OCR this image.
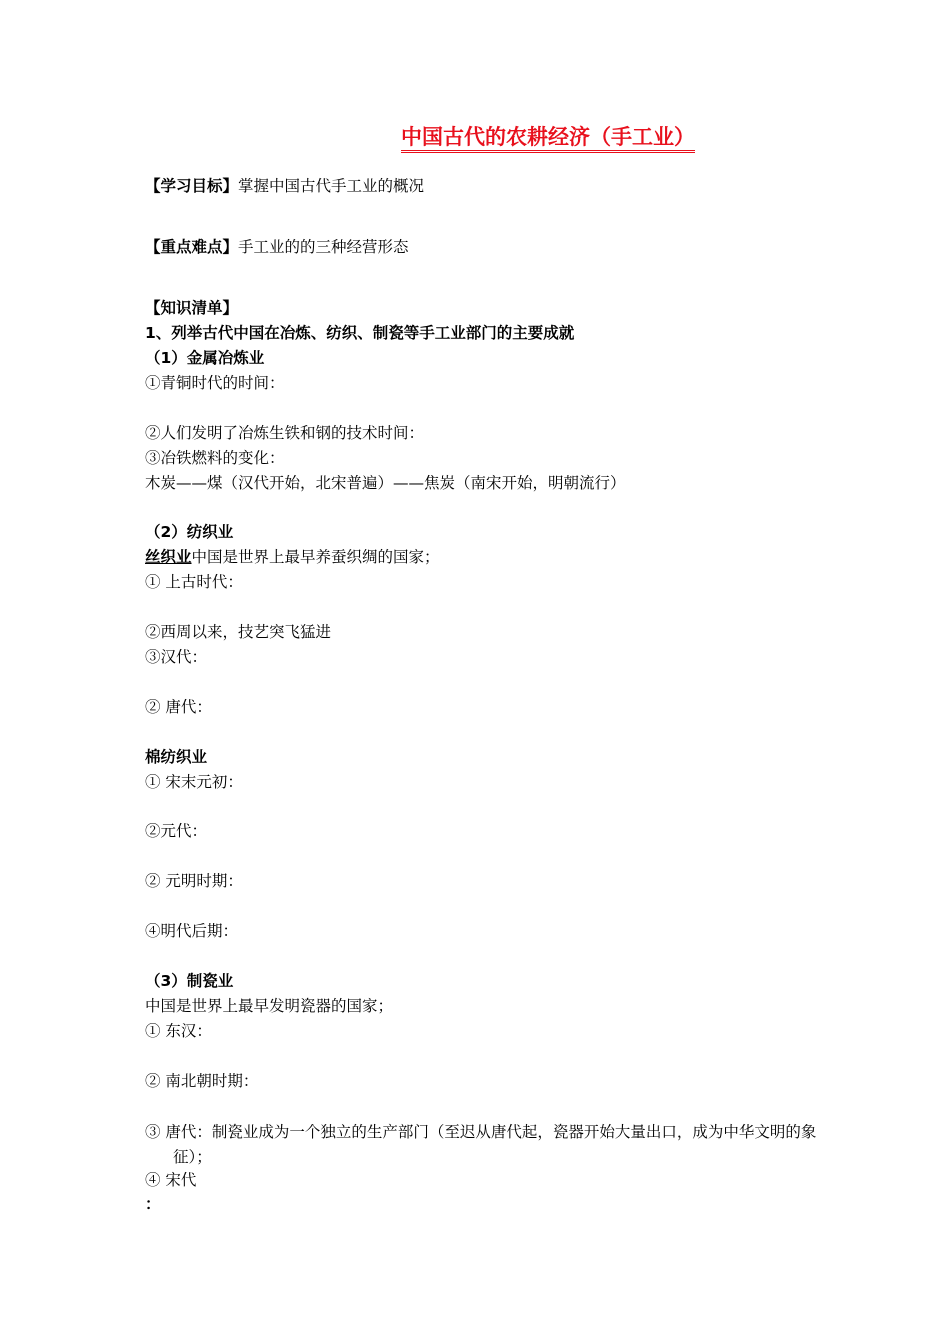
中国古代的农耕经济（手工业）
【学习目标】掌握中国古代手工业的概况
【重点难点】手工业的的三种经营形态
【知识清单】
1、列举古代中国在冶炼、纺织、制瓷等手工业部门的主要成就
（1）金属冶炼业
①青铜时代的时间：
②人们发明了冶炼生铁和钢的技术时间：
③冶铁燃料的变化：
木炭——煤（汉代开始，北宋普遍）——焦炭（南宋开始，明朝流行）
（2）纺织业
丝织业中国是世界上最早养蚕织绸的国家；
① 上古时代：
②西周以来，技艺突飞猛进
③汉代：
② 唐代：
棉纺织业
① 宋末元初：
②元代：
② 元明时期：
④明代后期：
（3）制瓷业
中国是世界上最早发明瓷器的国家；
① 东汉：
② 南北朝时期：
③ 唐代：制瓷业成为一个独立的生产部门（至迟从唐代起，瓷器开始大量出口，成为中华文明的象征）；
④ 宋代
：
